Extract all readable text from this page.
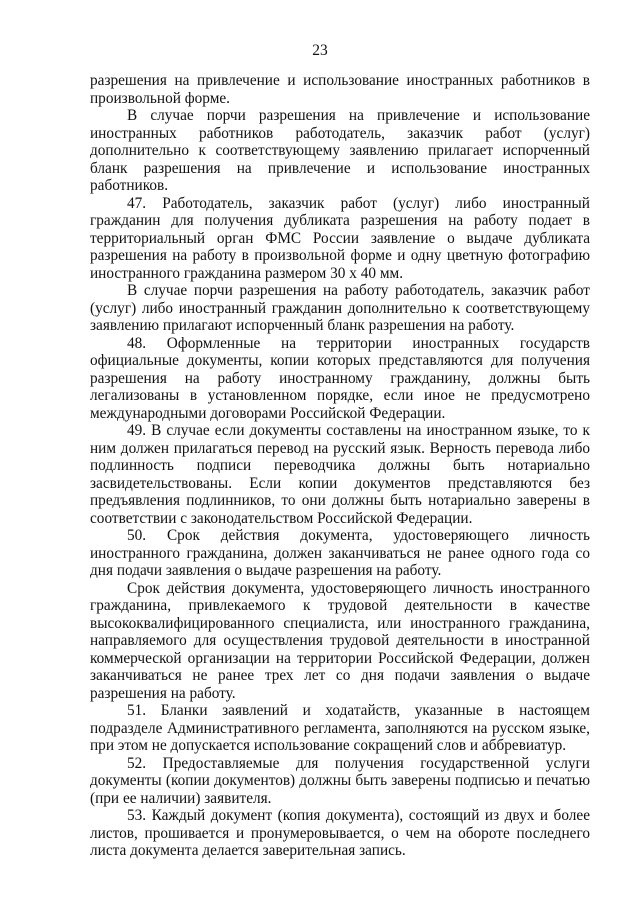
23

разрешения на привлечение и использование иностранных работников в произвольной форме.

В случае порчи разрешения на привлечение и использование иностранных работников работодатель, заказчик работ (услуг) дополнительно к соответствующему заявлению прилагает испорченный бланк разрешения на привлечение и использование иностранных работников.

47. Работодатель, заказчик работ (услуг) либо иностранный гражданин для получения дубликата разрешения на работу подает в территориальный орган ФМС России заявление о выдаче дубликата разрешения на работу в произвольной форме и одну цветную фотографию иностранного гражданина размером 30 х 40 мм.

В случае порчи разрешения на работу работодатель, заказчик работ (услуг) либо иностранный гражданин дополнительно к соответствующему заявлению прилагают испорченный бланк разрешения на работу.

48. Оформленные на территории иностранных государств официальные документы, копии которых представляются для получения разрешения на работу иностранному гражданину, должны быть легализованы в установленном порядке, если иное не предусмотрено международными договорами Российской Федерации.

49. В случае если документы составлены на иностранном языке, то к ним должен прилагаться перевод на русский язык. Верность перевода либо подлинность подписи переводчика должны быть нотариально засвидетельствованы. Если копии документов представляются без предъявления подлинников, то они должны быть нотариально заверены в соответствии с законодательством Российской Федерации.

50. Срок действия документа, удостоверяющего личность иностранного гражданина, должен заканчиваться не ранее одного года со дня подачи заявления о выдаче разрешения на работу.

Срок действия документа, удостоверяющего личность иностранного гражданина, привлекаемого к трудовой деятельности в качестве высококвалифицированного специалиста, или иностранного гражданина, направляемого для осуществления трудовой деятельности в иностранной коммерческой организации на территории Российской Федерации, должен заканчиваться не ранее трех лет со дня подачи заявления о выдаче разрешения на работу.

51. Бланки заявлений и ходатайств, указанные в настоящем подразделе Административного регламента, заполняются на русском языке, при этом не допускается использование сокращений слов и аббревиатур.

52. Предоставляемые для получения государственной услуги документы (копии документов) должны быть заверены подписью и печатью (при ее наличии) заявителя.

53. Каждый документ (копия документа), состоящий из двух и более листов, прошивается и пронумеровывается, о чем на обороте последнего листа документа делается заверительная запись.
